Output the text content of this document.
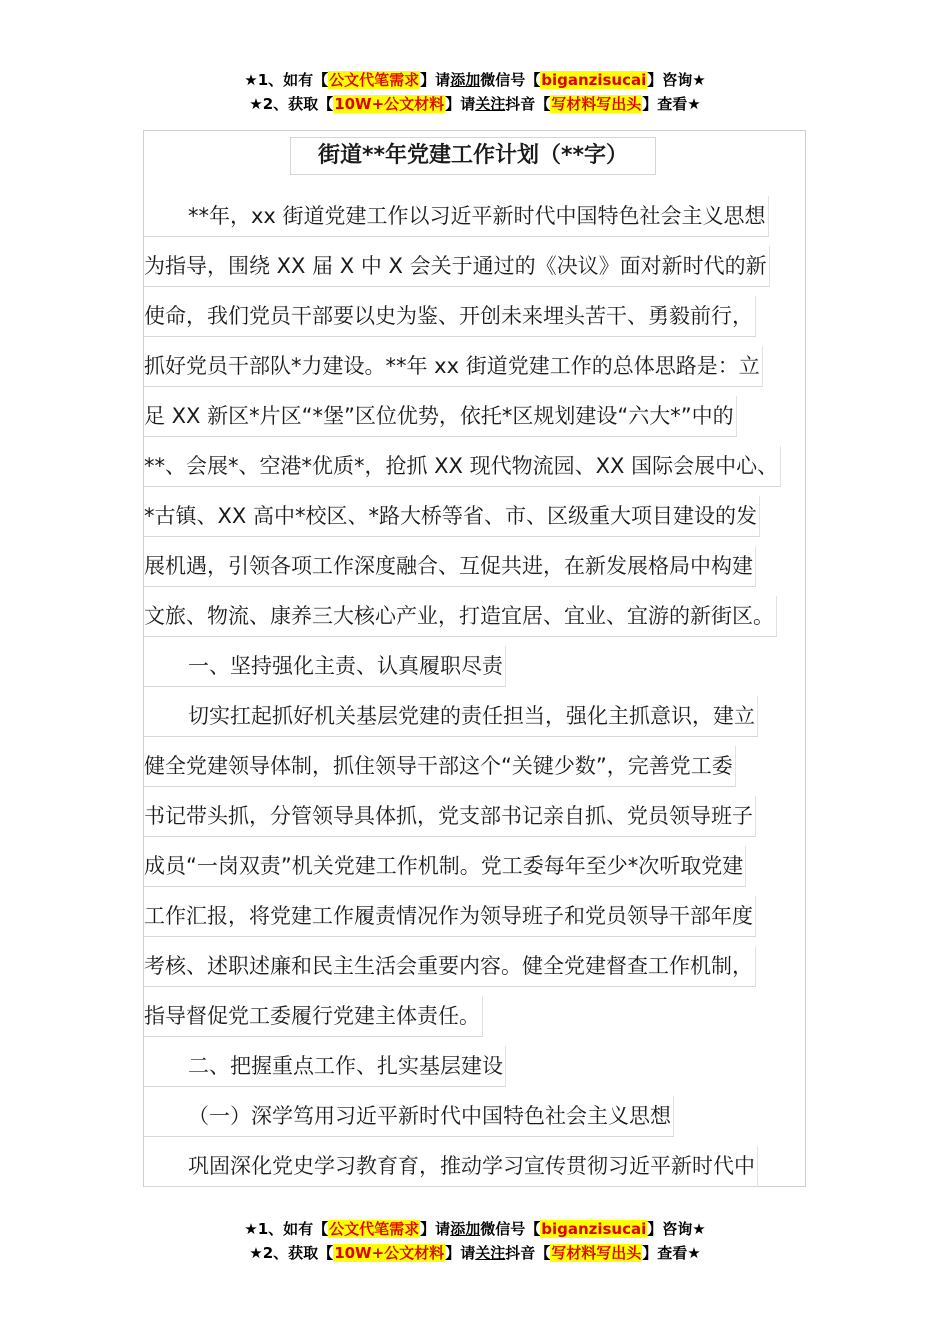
★1、如有【公文代笔需求】请添加微信号【biganzisucai】咨询★
★2、获取【10W+公文材料】请关注抖音【写材料写出头】查看★
街道**年党建工作计划（**字）
**年，xx 街道党建工作以习近平新时代中国特色社会主义思想
为指导，围绕 XX 届 X 中 X 会关于通过的《决议》面对新时代的新
使命，我们党员干部要以史为鉴、开创未来埋头苦干、勇毅前行，
抓好党员干部队*力建设。**年 xx 街道党建工作的总体思路是：立
足 XX 新区*片区“*堡”区位优势，依托*区规划建设“六大*”中的
**、会展*、空港*优质*，抢抓 XX 现代物流园、XX 国际会展中心、
*古镇、XX 高中*校区、*路大桥等省、市、区级重大项目建设的发
展机遇，引领各项工作深度融合、互促共进，在新发展格局中构建
文旅、物流、康养三大核心产业，打造宜居、宜业、宜游的新街区。
一、坚持强化主责、认真履职尽责
切实扛起抓好机关基层党建的责任担当，强化主抓意识，建立
健全党建领导体制，抓住领导干部这个“关键少数”，完善党工委
书记带头抓，分管领导具体抓，党支部书记亲自抓、党员领导班子
成员“一岗双责”机关党建工作机制。党工委每年至少*次听取党建
工作汇报，将党建工作履责情况作为领导班子和党员领导干部年度
考核、述职述廉和民主生活会重要内容。健全党建督查工作机制，
指导督促党工委履行党建主体责任。
二、把握重点工作、扎实基层建设
（一）深学笃用习近平新时代中国特色社会主义思想
巩固深化党史学习教育育，推动学习宣传贯彻习近平新时代中
★1、如有【公文代笔需求】请添加微信号【biganzisucai】咨询★
★2、获取【10W+公文材料】请关注抖音【写材料写出头】查看★
